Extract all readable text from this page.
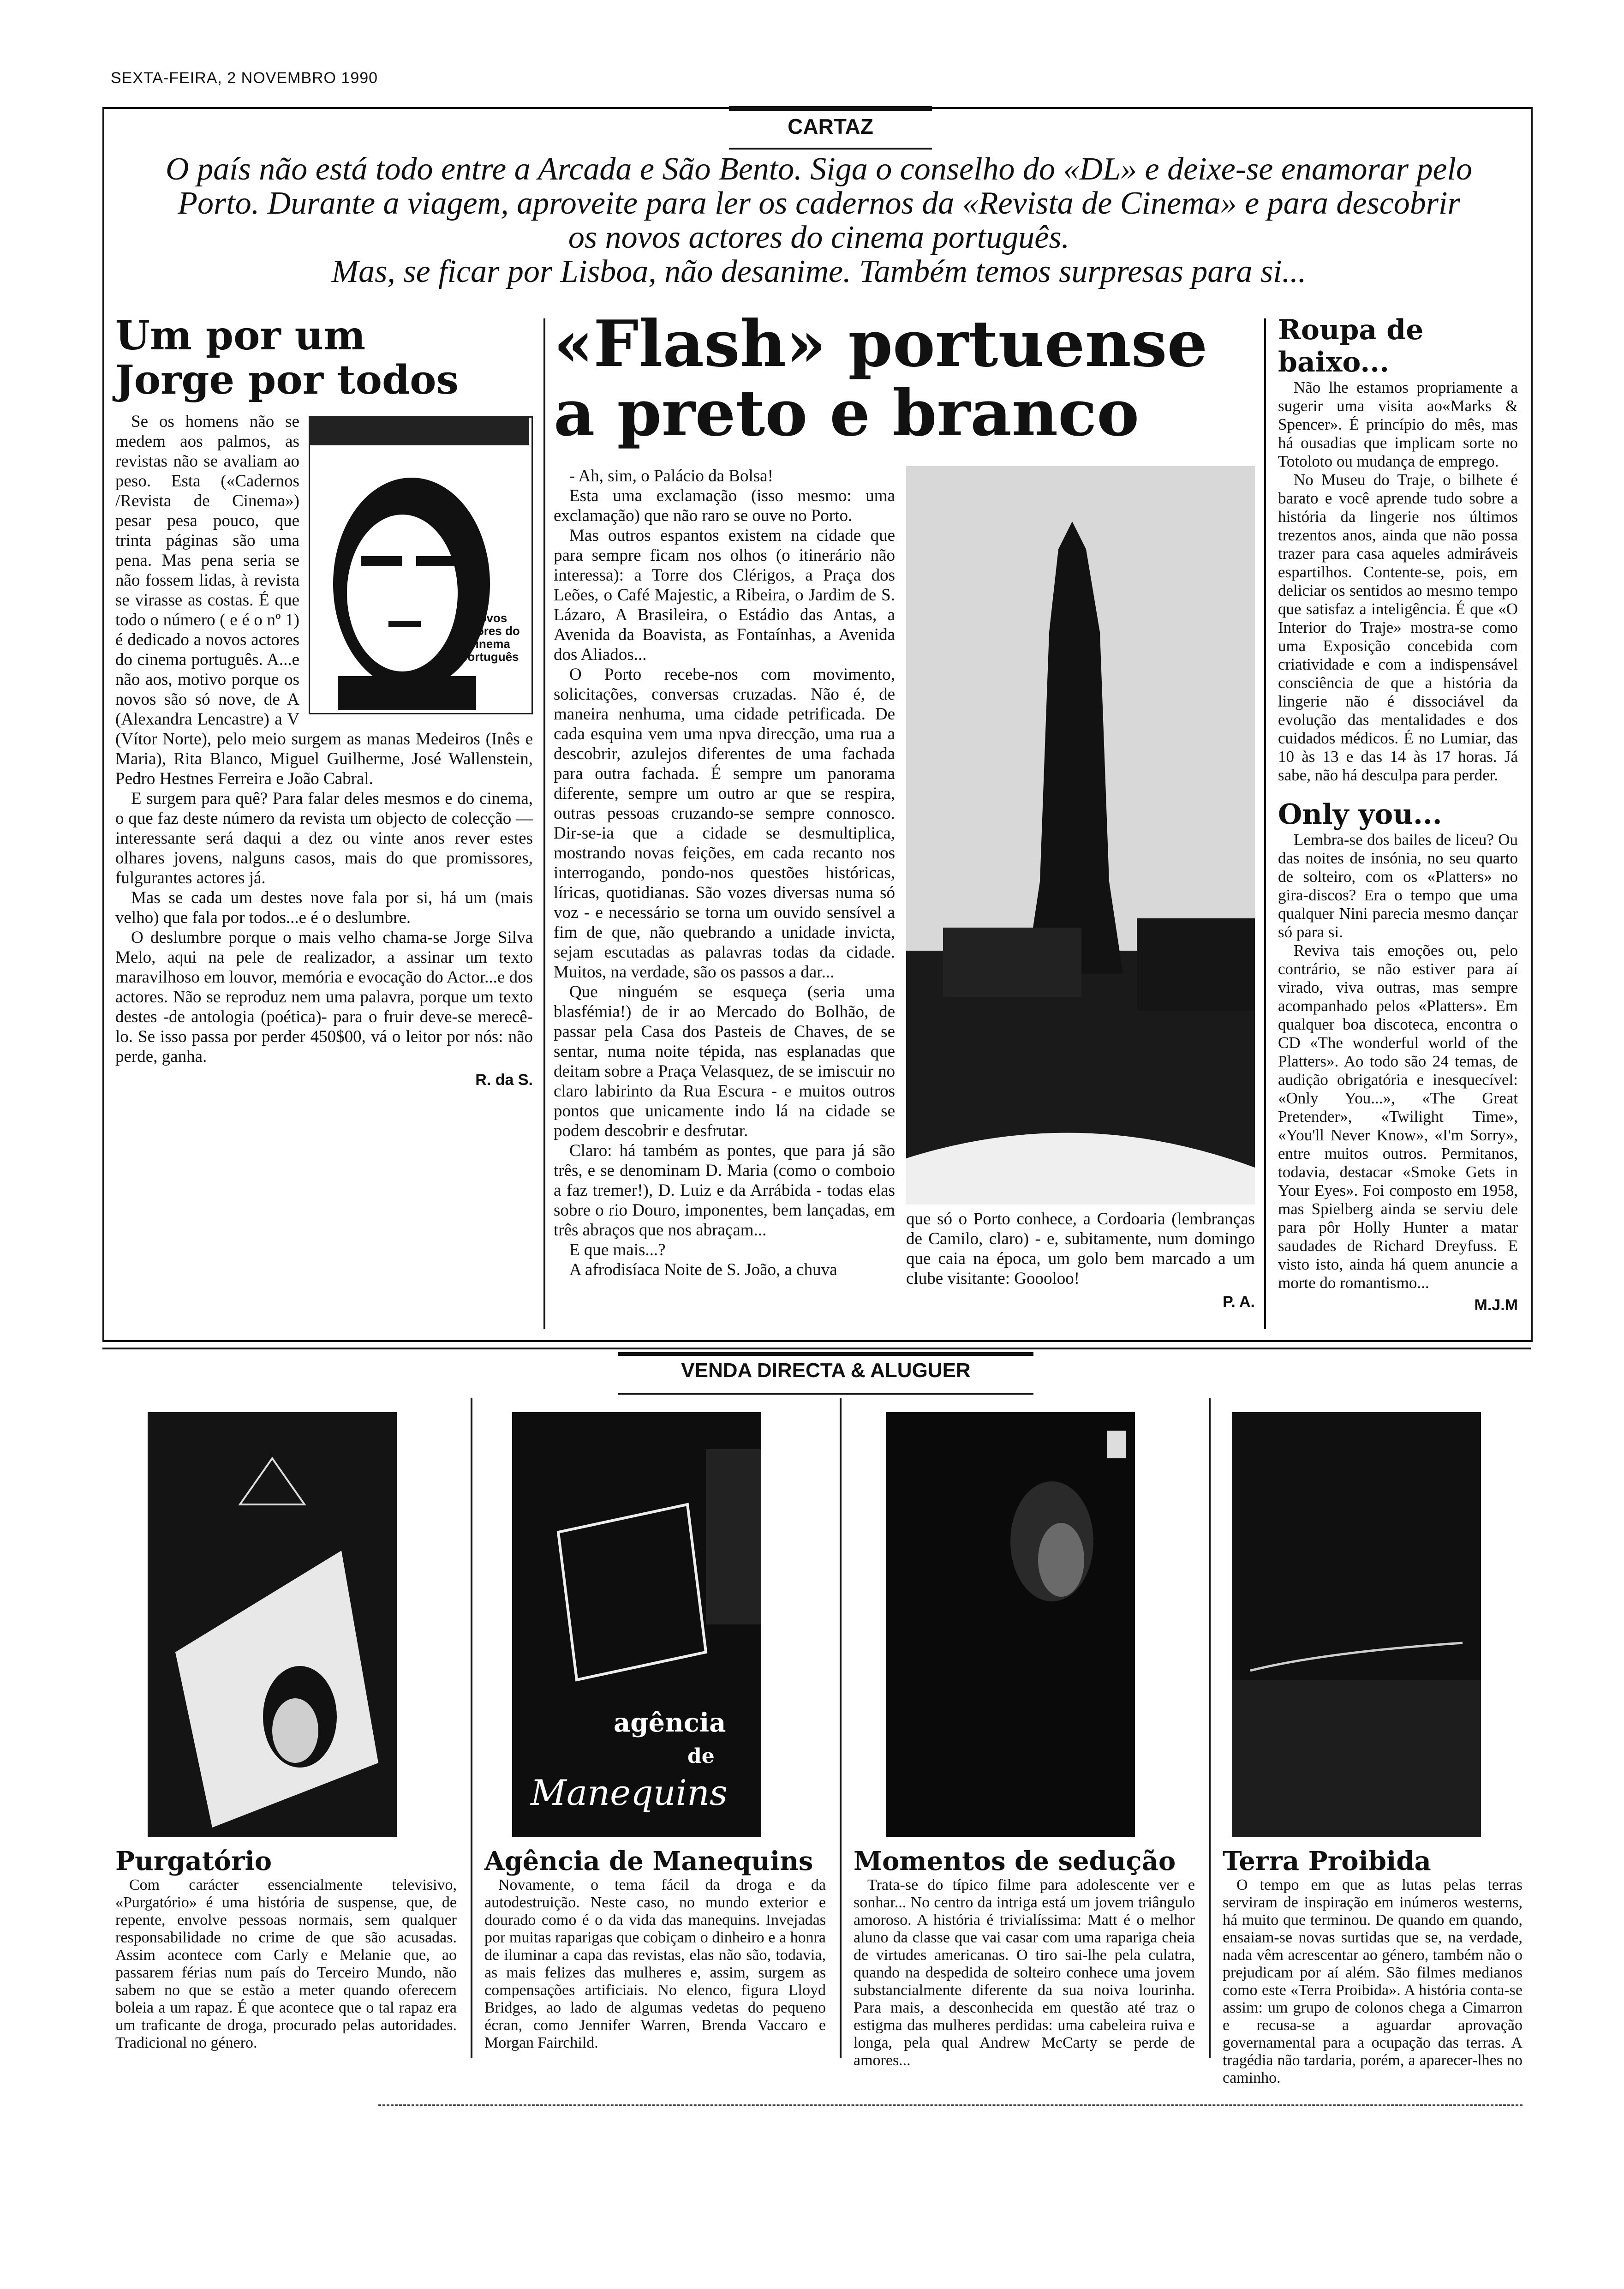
SEXTA-FEIRA, 2 NOVEMBRO 1990
CARTAZ

O país não está todo entre a Arcada e São Bento. Siga o conselho do «DL» e deixe-se enamorar pelo

Porto. Durante a viagem, aproveite para ler os cadernos da «Revista de Cinema» e para descobrir

os novos actores do cinema português.

Mas, se ficar por Lisboa, não desanime. Também temos surpresas para si...

Um por um
Jorge por todos
novos actores do cinema português

Se os homens não se medem aos palmos, as revistas não se avaliam ao peso. Esta («Cadernos /Revista de Cinema») pesar pesa pouco, que trinta páginas são uma pena. Mas pena seria se não fossem lidas, à revista se virasse as costas. É que todo o número ( e é o nº 1) é dedicado a novos actores do cinema português. A...e não aos, motivo porque os novos são só nove, de A (Alexandra Lencastre) a V (Vítor Norte), pelo meio surgem as manas Medeiros (Inês e Maria), Rita Blanco, Miguel Guilherme, José Wallenstein, Pedro Hestnes Ferreira e João Cabral.

E surgem para quê? Para falar deles mesmos e do cinema, o que faz deste número da revista um objecto de colecção — interessante será daqui a dez ou vinte anos rever estes olhares jovens, nalguns casos, mais do que promissores, fulgurantes actores já.

Mas se cada um destes nove fala por si, há um (mais velho) que fala por todos...e é o deslumbre.

O deslumbre porque o mais velho chama-se Jorge Silva Melo, aqui na pele de realizador, a assinar um texto maravilhoso em louvor, memória e evocação do Actor...e dos actores. Não se reproduz nem uma palavra, porque um texto destes -de antologia (poética)- para o fruir deve-se merecê-lo. Se isso passa por perder 450$00, vá o leitor por nós: não perde, ganha.

R. da S.
«Flash» portuense
a preto e branco

- Ah, sim, o Palácio da Bolsa!

Esta uma exclamação (isso mesmo: uma exclamação) que não raro se ouve no Porto.

Mas outros espantos existem na cidade que para sempre ficam nos olhos (o itinerário não interessa): a Torre dos Clérigos, a Praça dos Leões, o Café Majestic, a Ribeira, o Jardim de S. Lázaro, A Brasileira, o Estádio das Antas, a Avenida da Boavista, as Fontaínhas, a Avenida dos Aliados...

O Porto recebe-nos com movimento, solicitações, conversas cruzadas. Não é, de maneira nenhuma, uma cidade petrificada. De cada esquina vem uma npva direcção, uma rua a descobrir, azulejos diferentes de uma fachada para outra fachada. É sempre um panorama diferente, sempre um outro ar que se respira, outras pessoas cruzando-se sempre connosco. Dir-se-ia que a cidade se desmultiplica, mostrando novas feições, em cada recanto nos interrogando, pondo-nos questões históricas, líricas, quotidianas. São vozes diversas numa só voz - e necessário se torna um ouvido sensível a fim de que, não quebrando a unidade invicta, sejam escutadas as palavras todas da cidade. Muitos, na verdade, são os passos a dar...

Que ninguém se esqueça (seria uma blasfémia!) de ir ao Mercado do Bolhão, de passar pela Casa dos Pasteis de Chaves, de se sentar, numa noite tépida, nas esplanadas que deitam sobre a Praça Velasquez, de se imiscuir no claro labirinto da Rua Escura - e muitos outros pontos que unicamente indo lá na cidade se podem descobrir e desfrutar.

Claro: há também as pontes, que para já são três, e se denominam D. Maria (como o comboio a faz tremer!), D. Luiz e da Arrábida - todas elas sobre o rio Douro, imponentes, bem lançadas, em três abraços que nos abraçam...

E que mais...?

A afrodisíaca Noite de S. João, a chuva

que só o Porto conhece, a Cordoaria (lembranças de Camilo, claro) - e, subitamente, num domingo que caia na época, um golo bem marcado a um clube visitante: Goooloo!

P. A.
Roupa de baixo...

Não lhe estamos propriamente a sugerir uma visita ao«Marks & Spencer». É princípio do mês, mas há ousadias que implicam sorte no Totoloto ou mudança de emprego.

No Museu do Traje, o bilhete é barato e você aprende tudo sobre a história da lingerie nos últimos trezentos anos, ainda que não possa trazer para casa aqueles admiráveis espartilhos. Contente-se, pois, em deliciar os sentidos ao mesmo tempo que satisfaz a inteligência. É que «O Interior do Traje» mostra-se como uma Exposição concebida com criatividade e com a indispensável consciência de que a história da lingerie não é dissociável da evolução das mentalidades e dos cuidados médicos. É no Lumiar, das 10 às 13 e das 14 às 17 horas. Já sabe, não há desculpa para perder.

Only you...

Lembra-se dos bailes de liceu? Ou das noites de insónia, no seu quarto de solteiro, com os «Platters» no gira-discos? Era o tempo que uma qualquer Nini parecia mesmo dançar só para si.

Reviva tais emoções ou, pelo contrário, se não estiver para aí virado, viva outras, mas sempre acompanhado pelos «Platters». Em qualquer boa discoteca, encontra o CD «The wonderful world of the Platters». Ao todo são 24 temas, de audição obrigatória e inesquecível: «Only You...», «The Great Pretender», «Twilight Time», «You'll Never Know», «I'm Sorry», entre muitos outros. Permitanos, todavia, destacar «Smoke Gets in Your Eyes». Foi composto em 1958, mas Spielberg ainda se serviu dele para pôr Holly Hunter a matar saudades de Richard Dreyfuss. E visto isto, ainda há quem anuncie a morte do romantismo...

M.J.M
VENDA DIRECTA & ALUGUER
Purgatório

Com carácter essencialmente televisivo, «Purgatório» é uma história de suspense, que, de repente, envolve pessoas normais, sem qualquer responsabilidade no crime de que são acusadas. Assim acontece com Carly e Melanie que, ao passarem férias num país do Terceiro Mundo, não sabem no que se estão a meter quando oferecem boleia a um rapaz. É que acontece que o tal rapaz era um traficante de droga, procurado pelas autoridades. Tradicional no género.

agência
de
Manequins
Agência de Manequins

Novamente, o tema fácil da droga e da autodestruição. Neste caso, no mundo exterior e dourado como é o da vida das manequins. Invejadas por muitas raparigas que cobiçam o dinheiro e a honra de iluminar a capa das revistas, elas não são, todavia, as mais felizes das mulheres e, assim, surgem as compensações artificiais. No elenco, figura Lloyd Bridges, ao lado de algumas vedetas do pequeno écran, como Jennifer Warren, Brenda Vaccaro e Morgan Fairchild.

Momentos de sedução

Trata-se do típico filme para adolescente ver e sonhar... No centro da intriga está um jovem triângulo amoroso. A história é trivialíssima: Matt é o melhor aluno da classe que vai casar com uma rapariga cheia de virtudes americanas. O tiro sai-lhe pela culatra, quando na despedida de solteiro conhece uma jovem substancialmente diferente da sua noiva lourinha. Para mais, a desconhecida em questão até traz o estigma das mulheres perdidas: uma cabeleira ruiva e longa, pela qual Andrew McCarty se perde de amores...

Terra Proibida

O tempo em que as lutas pelas terras serviram de inspiração em inúmeros westerns, há muito que terminou. De quando em quando, ensaiam-se novas surtidas que se, na verdade, nada vêm acrescentar ao género, também não o prejudicam por aí além. São filmes medianos como este «Terra Proibida». A história conta-se assim: um grupo de colonos chega a Cimarron e recusa-se a aguardar aprovação governamental para a ocupação das terras. A tragédia não tardaria, porém, a aparecer-lhes no caminho.
